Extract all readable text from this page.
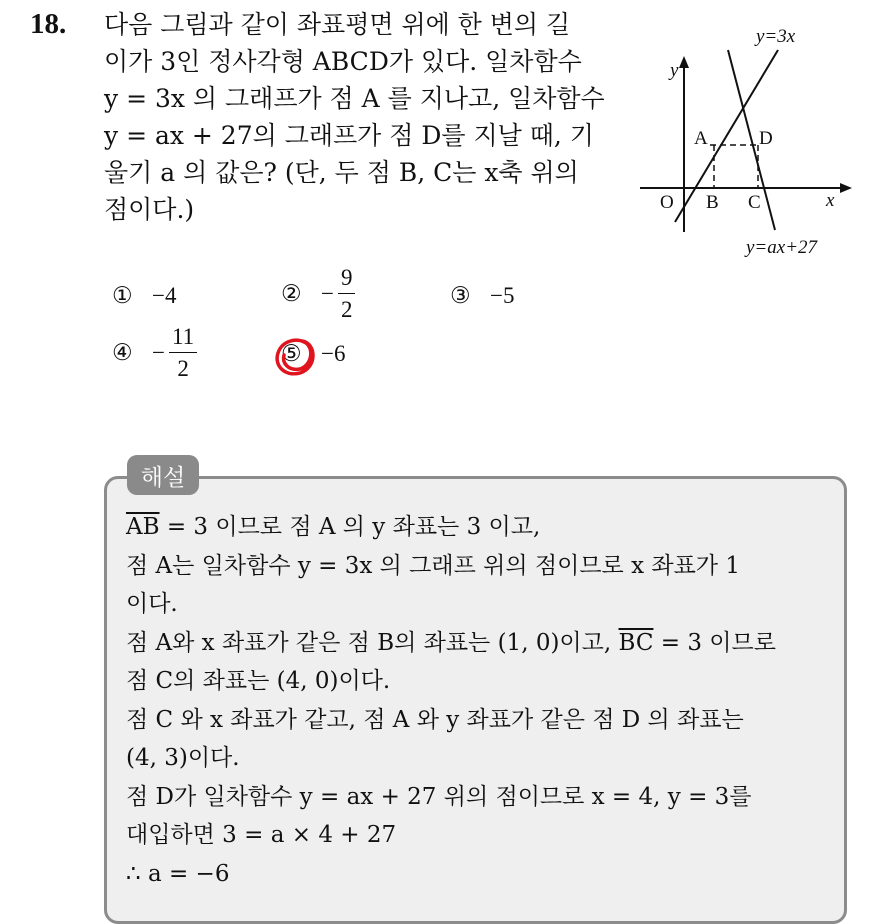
18. 다음 그림과 같이 좌표평면 위에 한 변의 길
이가 3인 정사각형 ABCD가 있다. 일차함수
y = 3x 의 그래프가 점 A 를 지나고, 일차함수
y = ax + 27의 그래프가 점 D를 지날 때, 기
울기 a 의 값은? (단, 두 점 B, C는 x축 위의
점이다.)
y=3x
y
x
O
A	D
B C
y=ax+27
① −4	② − $\frac{9}{2}$	③ −5
④ − $\frac{11}{2}$	⑤ −6
해설
$\overline{AB} = 3$ 이므로 점 A 의 y 좌표는 3 이고,
점 A는 일차함수 y = 3x 의 그래프 위의 점이므로 x 좌표가 1
이다.
점 A와 x 좌표가 같은 점 B의 좌표는 (1, 0)이고, $\overline{BC} = 3$ 이므로
점 C의 좌표는 (4, 0)이다.
점 C 와 x 좌표가 같고, 점 A 와 y 좌표가 같은 점 D 의 좌표는
(4, 3)이다.
점 D가 일차함수 y = ax + 27 위의 점이므로 x = 4, y = 3를
대입하면 3 = a × 4 + 27
∴ a = −6
